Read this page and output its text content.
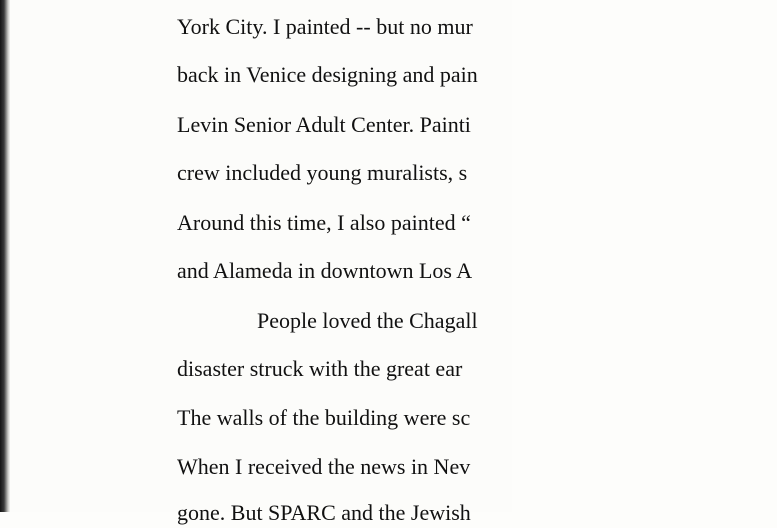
York City. I painted -- but no mur
back in Venice designing and pain
Levin Senior Adult Center. Painti
crew included young muralists, s
Around this time, I also painted “
and Alameda in downtown Los A
People loved the Chagall
disaster struck with the great ear
The walls of the building were sc
When I received the news in Nev
gone. But SPARC and the Jewish
